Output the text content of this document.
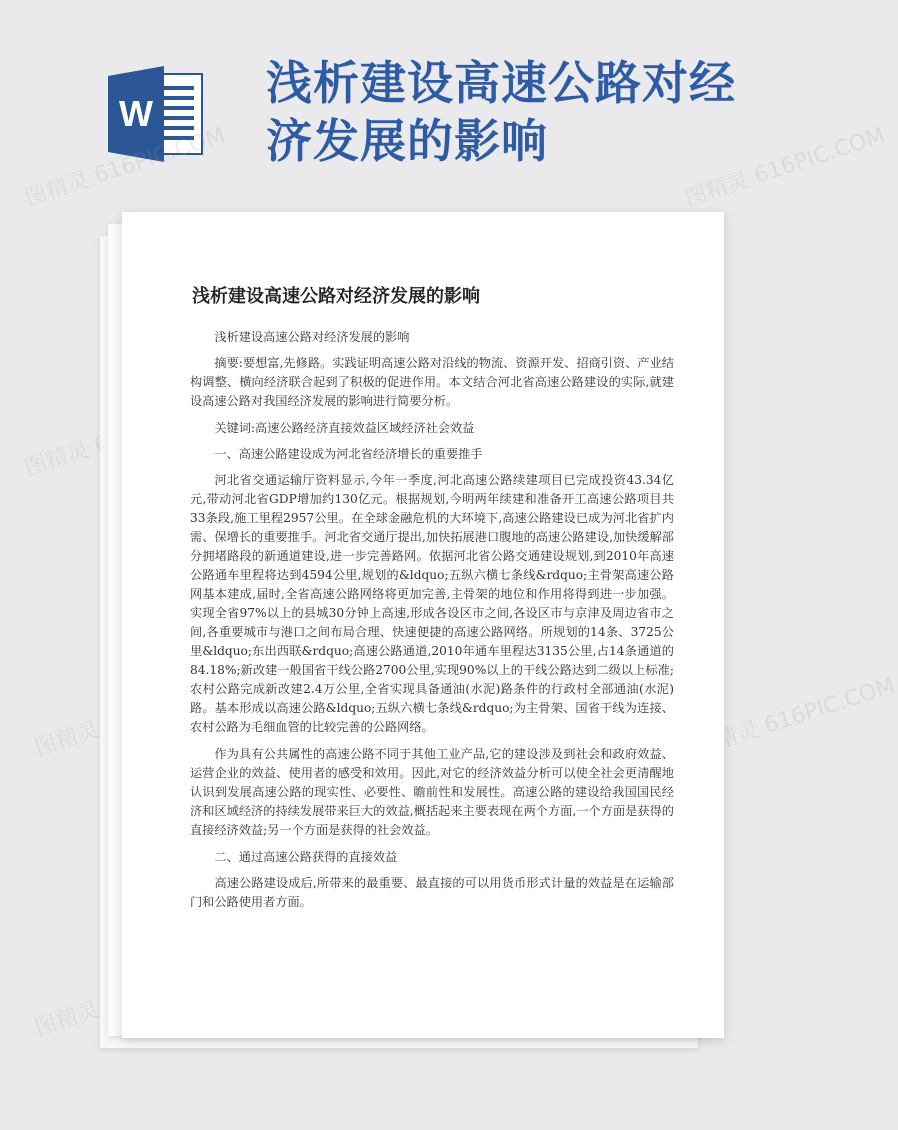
W
浅析建设高速公路对经济发展的影响
图精灵 616PIC.COM	图精灵 616PIC.COM
图精灵
图精灵 616PIC.COM
图精灵
图精灵
浅析建设高速公路对经济发展的影响

浅析建设高速公路对经济发展的影响

摘要:要想富,先修路。实践证明高速公路对沿线的物流、资源开发、招商引资、产业结构调整、横向经济联合起到了积极的促进作用。本文结合河北省高速公路建设的实际,就建设高速公路对我国经济发展的影响进行简要分析。

关键词:高速公路经济直接效益区域经济社会效益

一、高速公路建设成为河北省经济增长的重要推手

河北省交通运输厅资料显示,今年一季度,河北高速公路续建项目已完成投资43.34亿元,带动河北省GDP增加约130亿元。根据规划,今明两年续建和准备开工高速公路项目共33条段,施工里程2957公里。在全球金融危机的大环境下,高速公路建设已成为河北省扩内需、保增长的重要推手。河北省交通厅提出,加快拓展港口腹地的高速公路建设,加快缓解部分拥堵路段的新通道建设,进一步完善路网。依据河北省公路交通建设规划,到2010年高速公路通车里程将达到4594公里,规划的&ldquo;五纵六横七条线&rdquo;主骨架高速公路网基本建成,届时,全省高速公路网络将更加完善,主骨架的地位和作用将得到进一步加强。实现全省97%以上的县城30分钟上高速,形成各设区市之间,各设区市与京津及周边省市之间,各重要城市与港口之间布局合理、快速便捷的高速公路网络。所规划的14条、3725公里&ldquo;东出西联&rdquo;高速公路通道,2010年通车里程达3135公里,占14条通道的84.18%;新改建一般国省干线公路2700公里,实现90%以上的干线公路达到二级以上标准;农村公路完成新改建2.4万公里,全省实现具备通油(水泥)路条件的行政村全部通油(水泥)路。基本形成以高速公路&ldquo;五纵六横七条线&rdquo;为主骨架、国省干线为连接、农村公路为毛细血管的比较完善的公路网络。

作为具有公共属性的高速公路不同于其他工业产品,它的建设涉及到社会和政府效益、运营企业的效益、使用者的感受和效用。因此,对它的经济效益分析可以使全社会更清醒地认识到发展高速公路的现实性、必要性、瞻前性和发展性。高速公路的建设给我国国民经济和区域经济的持续发展带来巨大的效益,概括起来主要表现在两个方面,一个方面是获得的直接经济效益;另一个方面是获得的社会效益。

二、通过高速公路获得的直接效益

高速公路建设成后,所带来的最重要、最直接的可以用货币形式计量的效益是在运输部门和公路使用者方面。
